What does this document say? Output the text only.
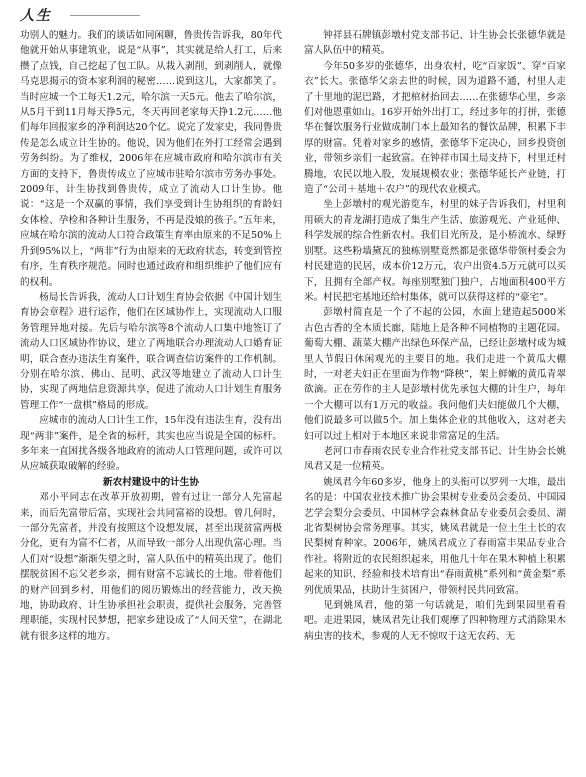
人生

功别人的魅力。我们的谈话如同闲聊，鲁贵传告诉我，80年代他就开始从事建筑业，说是“从事”，其实就是给人打工，后来攒了点钱，自己挖起了包工队。从栽入剥削，到剥削人，就像马克思揭示的资本家利润的秘密……说到这儿，大家都笑了。当时应城一个工每天1.2元，哈尔滨一天5元。他去了哈尔滨，从5月干到11月每天挣5元，冬天再回老家每天挣1.2元……他们每年回报家乡的净利润达20个亿。说完了发家史，我同鲁贵传是怎么成立计生协的。他说，因为他们在外打工经常会遇到劳务纠纷。为了维权，2006年在应城市政府和哈尔滨市有关方面的支持下，鲁贵传成立了应城市驻哈尔滨市劳务办事处。2009年，计生协找到鲁贵传，成立了流动人口计生协。他说：“这是一个双赢的事情，我们享受到计生协组织的育龄妇女体检、孕检和各种计生服务，不再是没娘的孩子。”五年来，应城在哈尔滨的流动人口符合政策生育率由原来的不足50%上升到95%以上，“两非”行为由原来的无政府状态，转变到管控有序，生育秩序规范。同时也通过政府和组织维护了他们应有的权利。

杨局长告诉我，流动人口计划生育协会依据《中国计划生育协会章程》进行运作，他们在区域协作上，实现流动人口服务管理异地对接。先后与哈尔滨等8个流动人口集中地签订了流动人口区域协作协议，建立了两地联合办理流动人口婚育证明，联合查办违法生育案件，联合调查信访案件的工作机制。分别在哈尔滨、佛山、昆明、武汉等地建立了流动人口计生协，实现了两地信息资源共享，促进了流动人口计划生育服务管理工作“一盘棋”格局的形成。

应城市的流动人口计生工作，15年没有违法生育，没有出现“两非”案件，是全省的标杆，其实也应当说是全国的标杆。多年来一直困扰各级各地政府的流动人口管理问题，或许可以从应城获取破解的经验。

新农村建设中的计生协

邓小平同志在改革开放初期，曾有过让一部分人先富起来，而后先富带后富，实现社会共同富裕的设想。曾几何时，一部分先富者，并没有按照这个设想发展，甚至出现贫富两极分化，更有为富不仁者，从而导致一部分人出现仇富心理。当人们对“设想”渐渐失望之时，富人队伍中的精英出现了。他们摆脱贫困不忘父老乡亲，拥有财富不忘诚长的土地。带着他们的财产回到乡村，用他们的阅历锻炼出的经营能力，改天换地，协助政府、计生协承担社会职责，提供社会服务，完善管理职能，实现村民梦想，把家乡建设成了“人间天堂”，在湖北就有很多这样的地方。

钟祥县石牌镇彭墩村党支部书记、计生协会长张德华就是富人队伍中的精英。

今年50多岁的张德华，出身农村，吃“百家饭”、穿“百家衣”长大。张德华父亲去世的时候，因为道路不通，村里人走了十里地的泥巴路，才把棺材抬回去……在张德华心里，乡亲们对他恩重如山。16岁开始外出打工，经过多年的打拼，张德华在餐饮服务行业做成制门本上最知名的餐饮品牌，积累下丰厚的财富。凭着对家乡的感情，张德华下定决心，回乡投资创业，带领乡亲们一起致富。在钟祥市国土局支持下，村里迁村腾地，农民以地入股，发展规模农业；张德华延长产业链，打造了“公司＋基地＋农户”的现代农业模式。

坐上彭墩村的观光游览车，村里的妹子告诉我们，村里利用硕大的青龙湖打造成了集生产生活、旅游观光、产业延伸、科学发展的综合性新农村。我们目光所及，是小桥流水、绿野别墅。这些粉墙黛瓦的独栋别墅竟然都是张德华带领村委会为村民建造的民居，成本价12万元，农户出资4.5万元就可以买下，且拥有全部产权。每座别墅独门独户，占地面积400平方米。村民把宅基地还给村集体，就可以获得这样的“豪宅”。

彭墩村简直是一个了不起的公园，水面上建造起5000米古色古香的全木质长廊，陆地上是各种不同植物的主题花园。葡萄大棚、蔬菜大棚产出绿色环保产品，已经让彭墩村成为城里人节假日休闲观光的主要目的地。我们走进一个黄瓜大棚时，一对老夫妇正在里面为作物“降秧”，架上鲜嫩的黄瓜青翠欲滴。正在劳作的主人是彭墩村优先承包大棚的计生户，每年一个大棚可以有1万元的收益。我问他们夫妇能做几个大棚，他们说最多可以做5个。加上集体企业的其他收入，这对老夫妇可以过上相对于本地区来说非常富足的生活。

老河口市春雨农民专业合作社党支部书记、计生协会长姚凤君又是一位精英。

姚凤君今年60多岁，他身上的头衔可以罗列一大堆，最出名的是：中国农业技术推广协会果树专业委员会委员、中国园艺学会梨分会委员、中国林学会森林食品专业委员会委员、湖北省梨树协会常务理事。其实，姚凤君就是一位土生土长的农民梨树育种家。2006年，姚凤君成立了春雨富丰果品专业合作社。将附近的农民组织起来，用他几十年在果木种植上积累起来的知识、经验和技术培育出“春雨黄桃”系列和“黄金梨”系列优质果品，扶助计生贫困户，带领村民共同致富。

见到姚凤君，他的第一句话就是，咱们先到果园里看看吧。走进果园，姚凤君先让我们观摩了四种物理方式消除果木病虫害的技术，参观的人无不惊叹于这无农药、无
